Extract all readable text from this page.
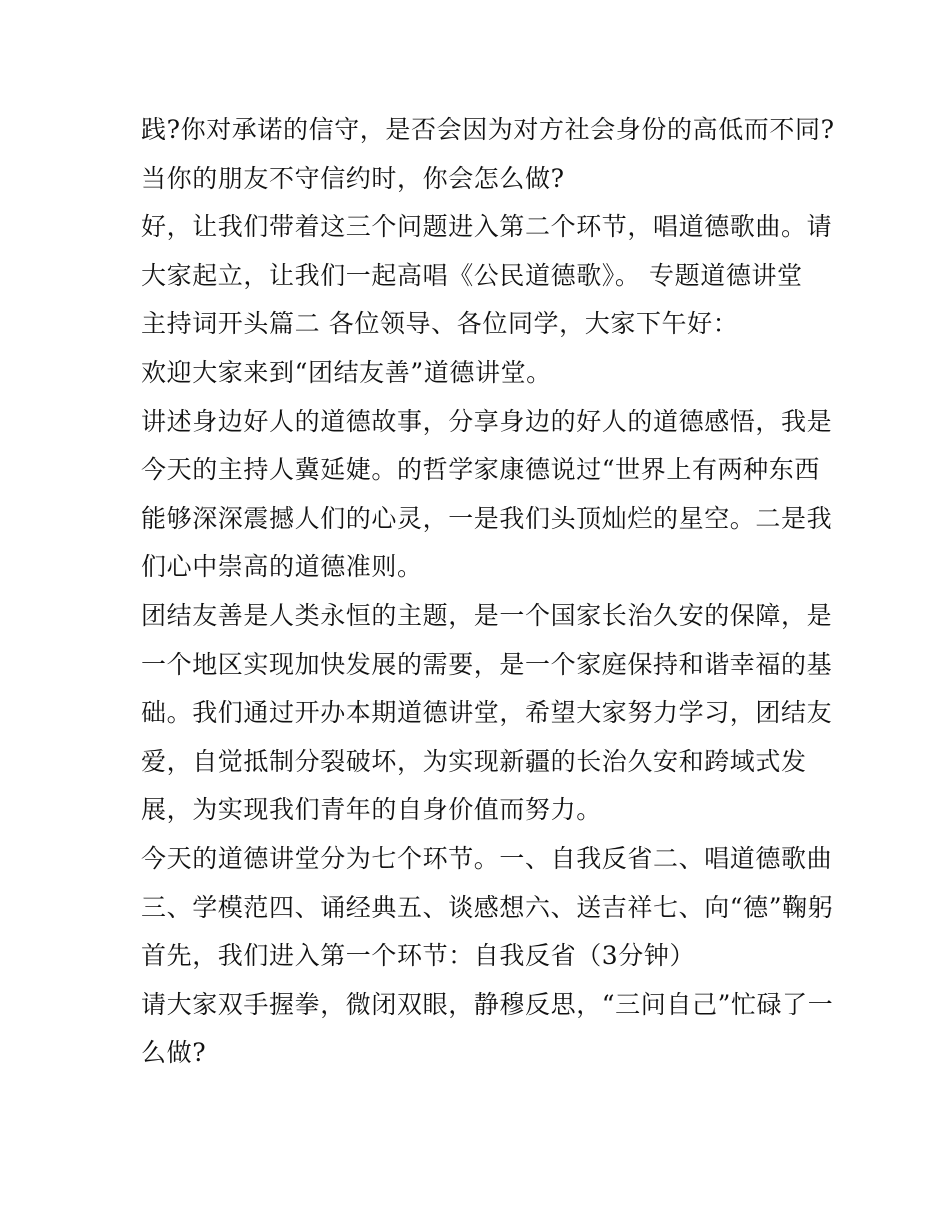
践?你对承诺的信守，是否会因为对方社会身份的高低而不同?
当你的朋友不守信约时，你会怎么做?
好，让我们带着这三个问题进入第二个环节，唱道德歌曲。请
大家起立，让我们一起高唱《公民道德歌》。 专题道德讲堂
主持词开头篇二 各位领导、各位同学，大家下午好：
欢迎大家来到“团结友善”道德讲堂。
讲述身边好人的道德故事，分享身边的好人的道德感悟，我是
今天的主持人冀延婕。的哲学家康德说过“世界上有两种东西
能够深深震撼人们的心灵，一是我们头顶灿烂的星空。二是我
们心中崇高的道德准则。
团结友善是人类永恒的主题，是一个国家长治久安的保障，是
一个地区实现加快发展的需要，是一个家庭保持和谐幸福的基
础。我们通过开办本期道德讲堂，希望大家努力学习，团结友
爱，自觉抵制分裂破坏，为实现新疆的长治久安和跨域式发
展，为实现我们青年的自身价值而努力。
今天的道德讲堂分为七个环节。一、自我反省二、唱道德歌曲
三、学模范四、诵经典五、谈感想六、送吉祥七、向“德”鞠躬
首先，我们进入第一个环节：自我反省（3分钟）
请大家双手握拳，微闭双眼，静穆反思，“三问自己”忙碌了一
么做?
